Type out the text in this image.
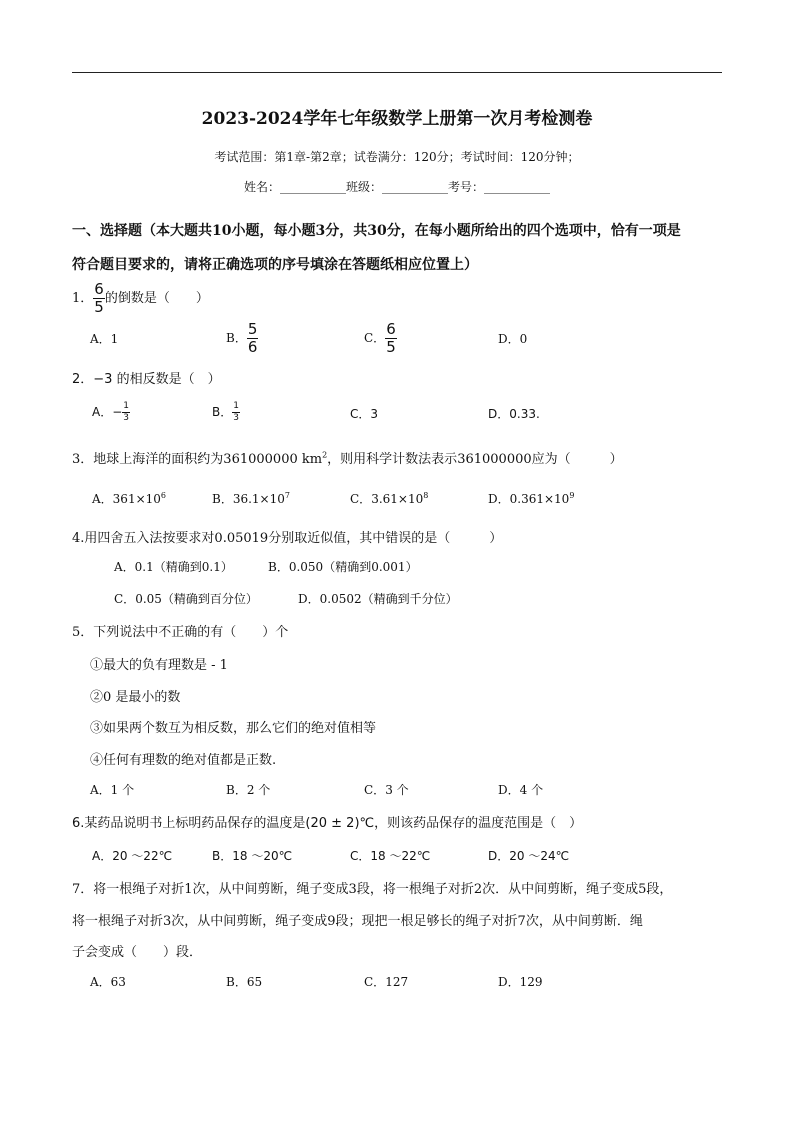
2023-2024学年七年级数学上册第一次月考检测卷
考试范围：第1章-第2章；试卷满分：120分；考试时间：120分钟；
姓名：___________班级：___________考号：___________
一、选择题（本大题共10小题，每小题3分，共30分，在每小题所给出的四个选项中，恰有一项是
符合题目要求的，请将正确选项的序号填涂在答题纸相应位置上）
1． $\frac{6}{5}$ 的倒数是（　　）
A．1	B． $\frac{5}{6}$	C． $\frac{6}{5}$	D．0
2．−3 的相反数是（　）
A．− $\frac{1}{3}$	B． $\frac{1}{3}$	C．3	D．0.33.
3．地球上海洋的面积约为361000000 $km^2$，则用科学计数法表示361000000应为（　　　）
A．$361\times 10^6$	B．$36.1\times 10^7$	C．$3.61\times 10^8$	D．$0.361\times 10^9$
4.用四舍五入法按要求对0.05019分别取近似值，其中错误的是（　　　）
A．0.1（精确到0.1）	B．0.050（精确到0.001）
C．0.05（精确到百分位）	D．0.0502（精确到千分位）
5．下列说法中不正确的有（　　）个
①最大的负有理数是 - 1
②0 是最小的数
③如果两个数互为相反数，那么它们的绝对值相等
④任何有理数的绝对值都是正数.
A．1 个	B．2 个	C．3 个	D．4 个
6.某药品说明书上标明药品保存的温度是(20 ± 2)℃，则该药品保存的温度范围是（　）
A．20 ～22℃	B．18 ～20℃	C．18 ～22℃	D．20 ～24℃
7．将一根绳子对折1次，从中间剪断，绳子变成3段，将一根绳子对折2次．从中间剪断，绳子变成5段，
将一根绳子对折3次，从中间剪断，绳子变成9段；现把一根足够长的绳子对折7次，从中间剪断．绳
子会变成（　　）段．
A．63	B．65	C．127	D．129
